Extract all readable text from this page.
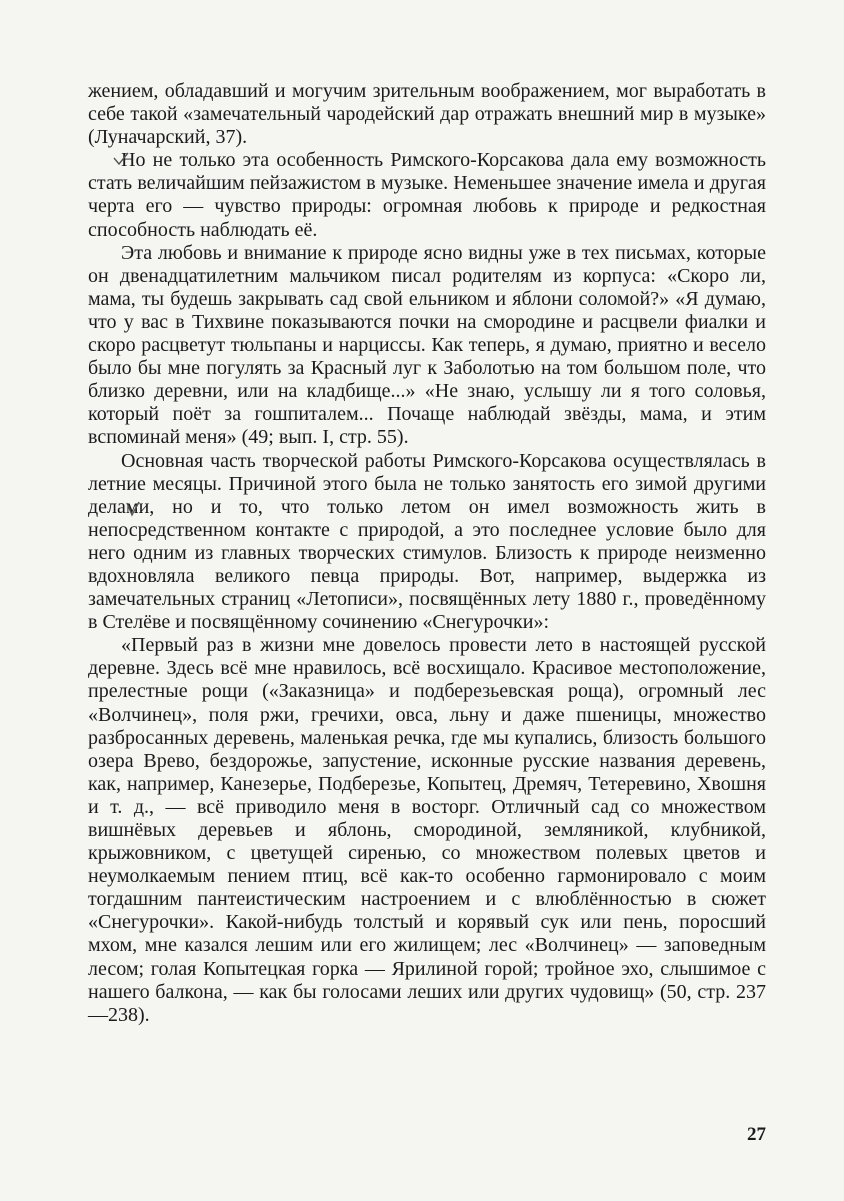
жением, обладавший и могучим зрительным воображением, мог выработать в себе такой «замечательный чародейский дар отражать внешний мир в музыке» (Луначарский, 37).

Но не только эта особенность Римского-Корсакова дала ему возможность стать величайшим пейзажистом в музыке. Неменьшее значение имела и другая черта его — чувство природы: огромная любовь к природе и редкостная способность наблюдать её.

Эта любовь и внимание к природе ясно видны уже в тех письмах, которые он двенадцатилетним мальчиком писал родителям из корпуса: «Скоро ли, мама, ты будешь закрывать сад свой ельником и яблони соломой?» «Я думаю, что у вас в Тихвине показываются почки на смородине и расцвели фиалки и скоро расцветут тюльпаны и нарциссы. Как теперь, я думаю, приятно и весело было бы мне погулять за Красный луг к Заболотью на том большом поле, что близко деревни, или на кладбище...» «Не знаю, услышу ли я того соловья, который поёт за гошпиталем... Почаще наблюдай звёзды, мама, и этим вспоминай меня» (49; вып. I, стр. 55).

Основная часть творческой работы Римского-Корсакова осуществлялась в летние месяцы. Причиной этого была не только занятость его зимой другими делами, но и то, что только летом он имел возможность жить в непосредственном контакте с природой, а это последнее условие было для него одним из главных творческих стимулов. Близость к природе неизменно вдохновляла великого певца природы. Вот, например, выдержка из замечательных страниц «Летописи», посвящённых лету 1880 г., проведённому в Стелёве и посвящённому сочинению «Снегурочки»:

«Первый раз в жизни мне довелось провести лето в настоящей русской деревне. Здесь всё мне нравилось, всё восхищало. Красивое местоположение, прелестные рощи («Заказница» и подберезьевская роща), огромный лес «Волчинец», поля ржи, гречихи, овса, льну и даже пшеницы, множество разбросанных деревень, маленькая речка, где мы купались, близость большого озера Врево, бездорожье, запустение, исконные русские названия деревень, как, например, Канезерье, Подберезье, Копытец, Дремяч, Тетеревино, Хвошня и т. д., — всё приводило меня в восторг. Отличный сад со множеством вишнёвых деревьев и яблонь, смородиной, земляникой, клубникой, крыжовником, с цветущей сиренью, со множеством полевых цветов и неумолкаемым пением птиц, всё как-то особенно гармонировало с моим тогдашним пантеистическим настроением и с влюблённостью в сюжет «Снегурочки». Какой-нибудь толстый и корявый сук или пень, поросший мхом, мне казался лешим или его жилищем; лес «Волчинец» — заповедным лесом; голая Копытецкая горка — Ярилиной горой; тройное эхо, слышимое с нашего балкона, — как бы голосами леших или других чудовищ» (50, стр. 237—238).

27
